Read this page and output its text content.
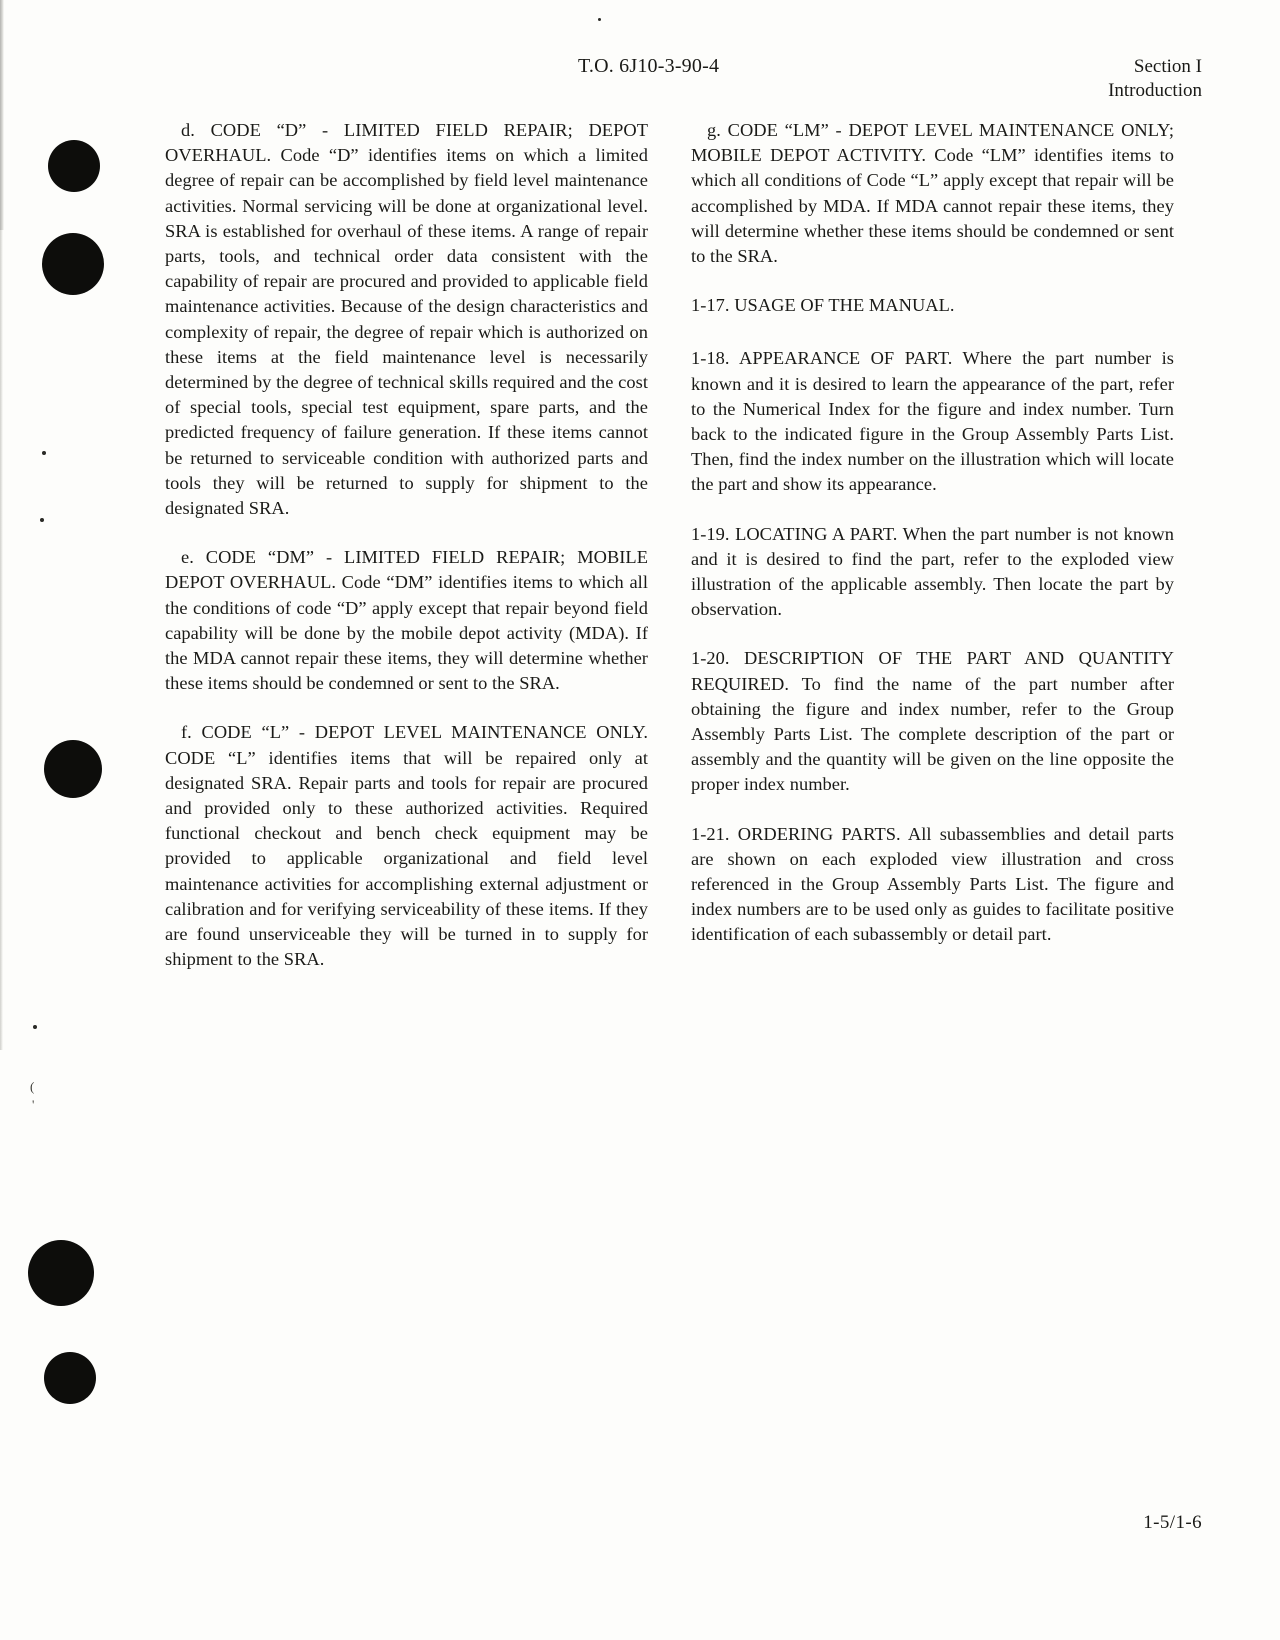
T.O. 6J10-3-90-4	Section I
Introduction

d. CODE “D” - LIMITED FIELD REPAIR; DEPOT OVERHAUL. Code “D” identifies items on which a limited degree of repair can be accomplished by field level maintenance activities. Normal servicing will be done at organizational level. SRA is established for overhaul of these items. A range of repair parts, tools, and technical order data consistent with the capability of repair are procured and provided to applicable field maintenance activities. Because of the design characteristics and complexity of repair, the degree of repair which is authorized on these items at the field maintenance level is necessarily determined by the degree of technical skills required and the cost of special tools, special test equipment, spare parts, and the predicted frequency of failure generation. If these items cannot be returned to serviceable condition with authorized parts and tools they will be returned to supply for shipment to the designated SRA.

e. CODE “DM” - LIMITED FIELD REPAIR; MOBILE DEPOT OVERHAUL. Code “DM” identifies items to which all the conditions of code “D” apply except that repair beyond field capability will be done by the mobile depot activity (MDA). If the MDA cannot repair these items, they will determine whether these items should be condemned or sent to the SRA.

f. CODE “L” - DEPOT LEVEL MAINTENANCE ONLY. CODE “L” identifies items that will be repaired only at designated SRA. Repair parts and tools for repair are procured and provided only to these authorized activities. Required functional checkout and bench check equipment may be provided to applicable organizational and field level maintenance activities for accomplishing external adjustment or calibration and for verifying serviceability of these items. If they are found unserviceable they will be turned in to supply for shipment to the SRA.

g. CODE “LM” - DEPOT LEVEL MAINTENANCE ONLY; MOBILE DEPOT ACTIVITY. Code “LM” identifies items to which all conditions of Code “L” apply except that repair will be accomplished by MDA. If MDA cannot repair these items, they will determine whether these items should be condemned or sent to the SRA.

1-17. USAGE OF THE MANUAL.

1-18. APPEARANCE OF PART. Where the part number is known and it is desired to learn the appearance of the part, refer to the Numerical Index for the figure and index number. Turn back to the indicated figure in the Group Assembly Parts List. Then, find the index number on the illustration which will locate the part and show its appearance.

1-19. LOCATING A PART. When the part number is not known and it is desired to find the part, refer to the exploded view illustration of the applicable assembly. Then locate the part by observation.

1-20. DESCRIPTION OF THE PART AND QUANTITY REQUIRED. To find the name of the part number after obtaining the figure and index number, refer to the Group Assembly Parts List. The complete description of the part or assembly and the quantity will be given on the line opposite the proper index number.

1-21. ORDERING PARTS. All subassemblies and detail parts are shown on each exploded view illustration and cross referenced in the Group Assembly Parts List. The figure and index numbers are to be used only as guides to facilitate positive identification of each subassembly or detail part.

1-5/1-6
(
'
